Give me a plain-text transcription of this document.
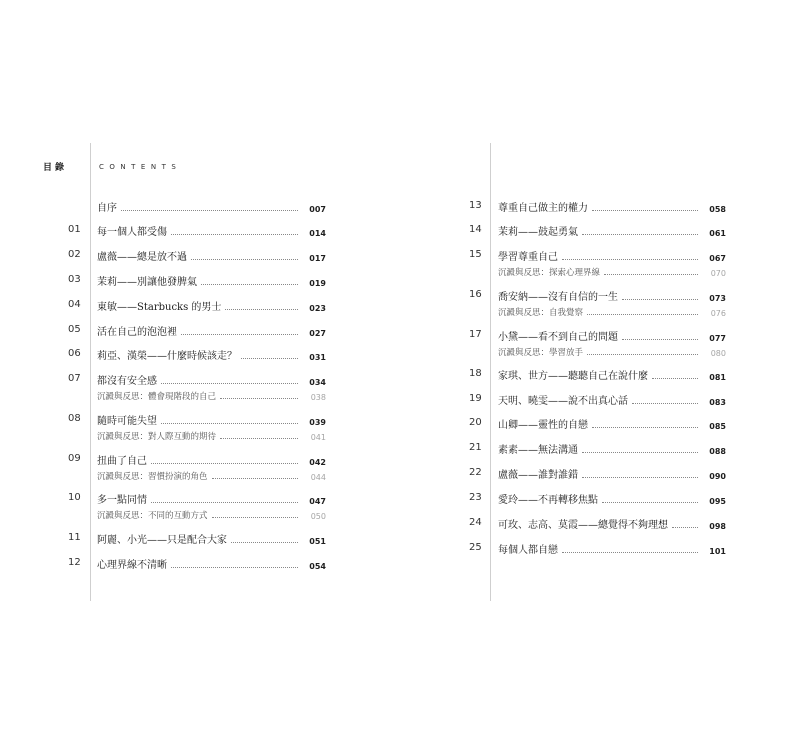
目錄	CONTENTS
自序	007
01	每一個人都受傷	014
02	盧薇——總是放不過	017
03	茉莉——別讓他發脾氣	019
04	東敏——Starbucks 的男士	023
05	活在自己的泡泡裡	027
06	莉亞、漢榮——什麼時候該走？	031
07	都沒有安全感	034
沉澱與反思：體會現階段的自己	038
08	隨時可能失望	039
沉澱與反思：對人際互動的期待	041
09	扭曲了自己	042
沉澱與反思：習慣扮演的角色	044
10	多一點同情	047
沉澱與反思：不同的互動方式	050
11	阿麗、小光——只是配合大家	051
12	心理界線不清晰	054
13	尊重自己做主的權力	058
14	茉莉——鼓起勇氣	061
15	學習尊重自己	067
沉澱與反思：探索心理界線	070
16	喬安納——沒有自信的一生	073
沉澱與反思：自我覺察	076
17	小黛——看不到自己的問題	077
沉澱與反思：學習放手	080
18	家琪、世方——聽聽自己在說什麼	081
19	天明、曉雯——說不出真心話	083
20	山卿——靈性的自戀	085
21	素素——無法溝通	088
22	盧薇——誰對誰錯	090
23	愛玲——不再轉移焦點	095
24	可玫、志高、莫霞——總覺得不夠理想	098
25	每個人都自戀	101
